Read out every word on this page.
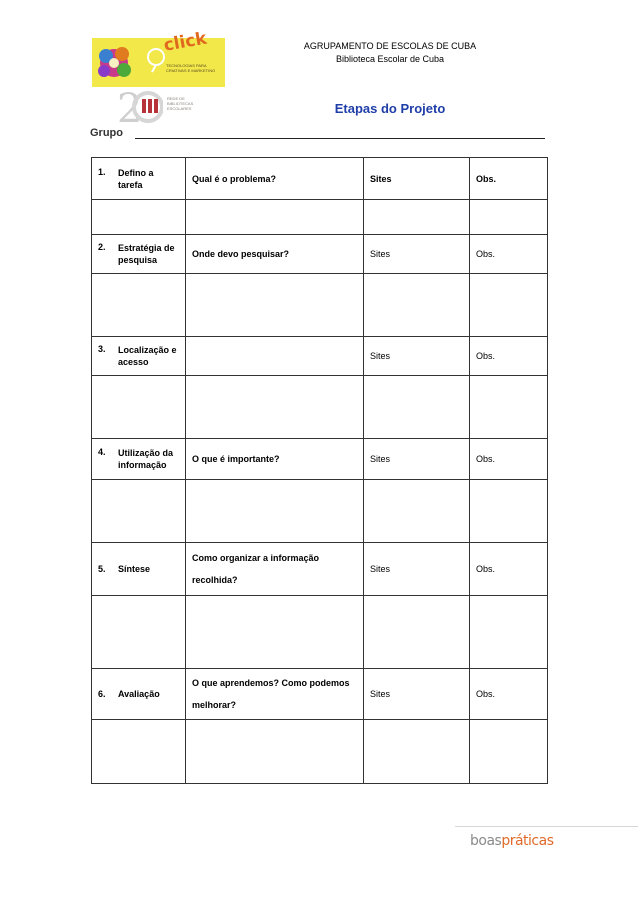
click
TECNOLOGIAS PARA CRIATIVAS E MARKETING
2	REDE DE BIBLIOTECAS ESCOLARES
AGRUPAMENTO DE ESCOLAS DE CUBA
Biblioteca Escolar de Cuba
Etapas do Projeto
Grupo
1. Defino a tarefa	Qual é o problema?	Sites	Obs.

2. Estratégia de pesquisa	Onde devo pesquisar?	Sites	Obs.

3. Localização e acesso		Sites	Obs.

4. Utilização da informação	O que é importante?	Sites	Obs.

5. Síntese	Como organizar a informação recolhida?	Sites	Obs.

6. Avaliação	O que aprendemos? Como podemos melhorar?	Sites	Obs.

boaspráticas
